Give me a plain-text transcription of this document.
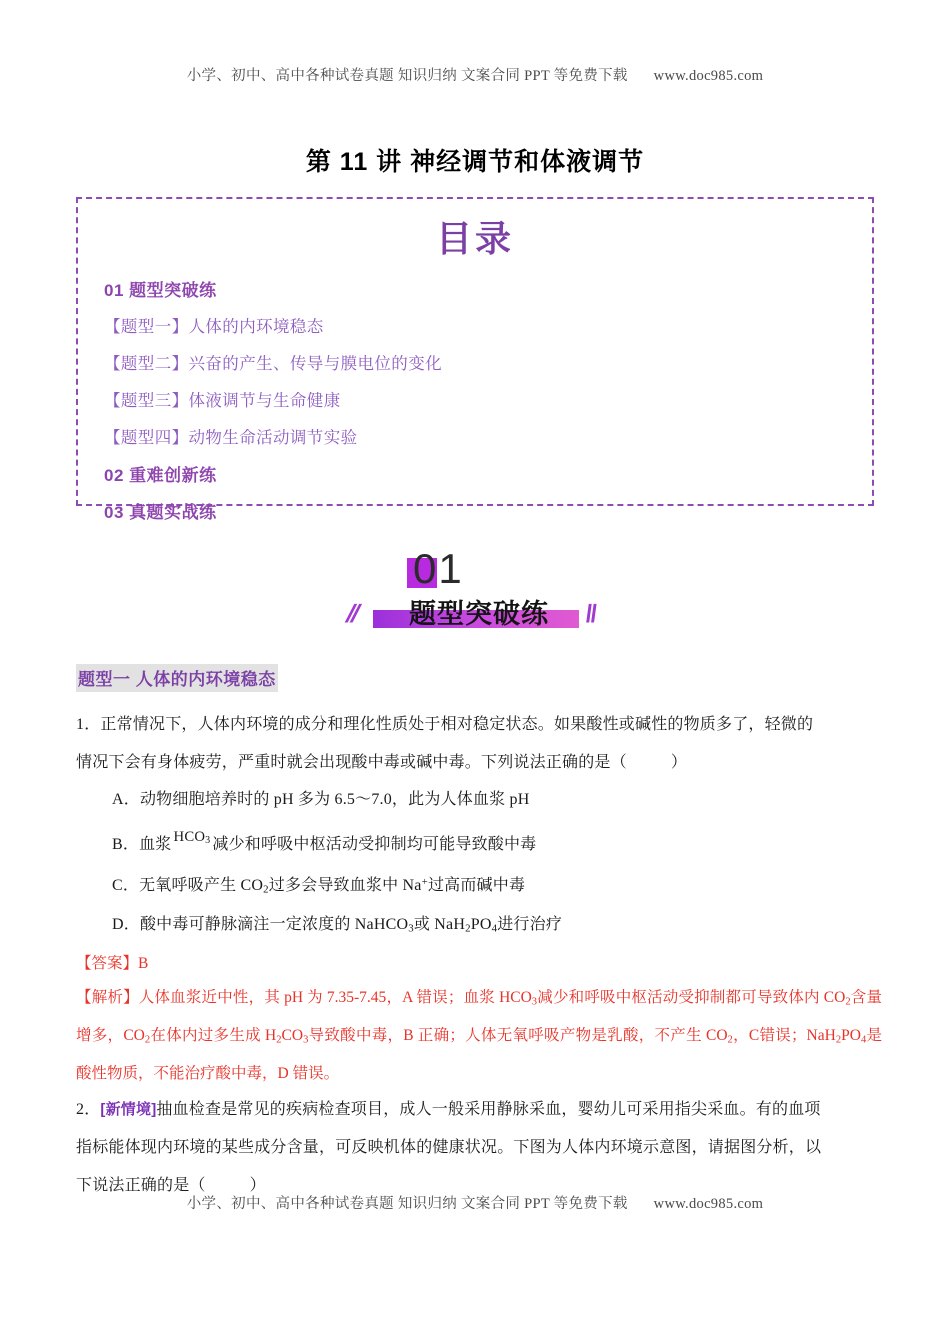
小学、初中、高中各种试卷真题 知识归纳 文案合同 PPT 等免费下载 www.doc985.com
第 11 讲 神经调节和体液调节
目录
01 题型突破练
【题型一】人体的内环境稳态
【题型二】兴奋的产生、传导与膜电位的变化
【题型三】体液调节与生命健康
【题型四】动物生命活动调节实验
02 重难创新练
03 真题实战练
01
//	\\
题型突破练
题型一 人体的内环境稳态
1．正常情况下，人体内环境的成分和理化性质处于相对稳定状态。如果酸性或碱性的物质多了，轻微的
情况下会有身体疲劳，严重时就会出现酸中毒或碱中毒。下列说法正确的是（　　	）
A．动物细胞培养时的 pH 多为 6.5～7.0，此为人体血浆 pH
B．血浆 $HCO_3$ 减少和呼吸中枢活动受抑制均可能导致酸中毒
C．无氧呼吸产生 $CO_2$过多会导致血浆中 Na+过高而碱中毒
D．酸中毒可静脉滴注一定浓度的 NaHCO$_3$或 $NaH_2PO_4$进行治疗
【答案】B
【解析】人体血浆近中性，其 pH 为 7.35-7.45，A 错误；血浆 $HCO_3$减少和呼吸中枢活动受抑制都可导致体内 $CO_2$含量增多，$CO_2$在体内过多生成 $H_2CO_3$导致酸中毒，B 正确；人体无氧呼吸产物是乳酸，不产生 $CO_2$，C错误；$NaH_2PO_4$是酸性物质，不能治疗酸中毒，D 错误。
2．[新情境]抽血检查是常见的疾病检查项目，成人一般采用静脉采血，婴幼儿可采用指尖采血。有的血项
指标能体现内环境的某些成分含量，可反映机体的健康状况。下图为人体内环境示意图，请据图分析，以
下说法正确的是（　　	）
小学、初中、高中各种试卷真题 知识归纳 文案合同 PPT 等免费下载 www.doc985.com
